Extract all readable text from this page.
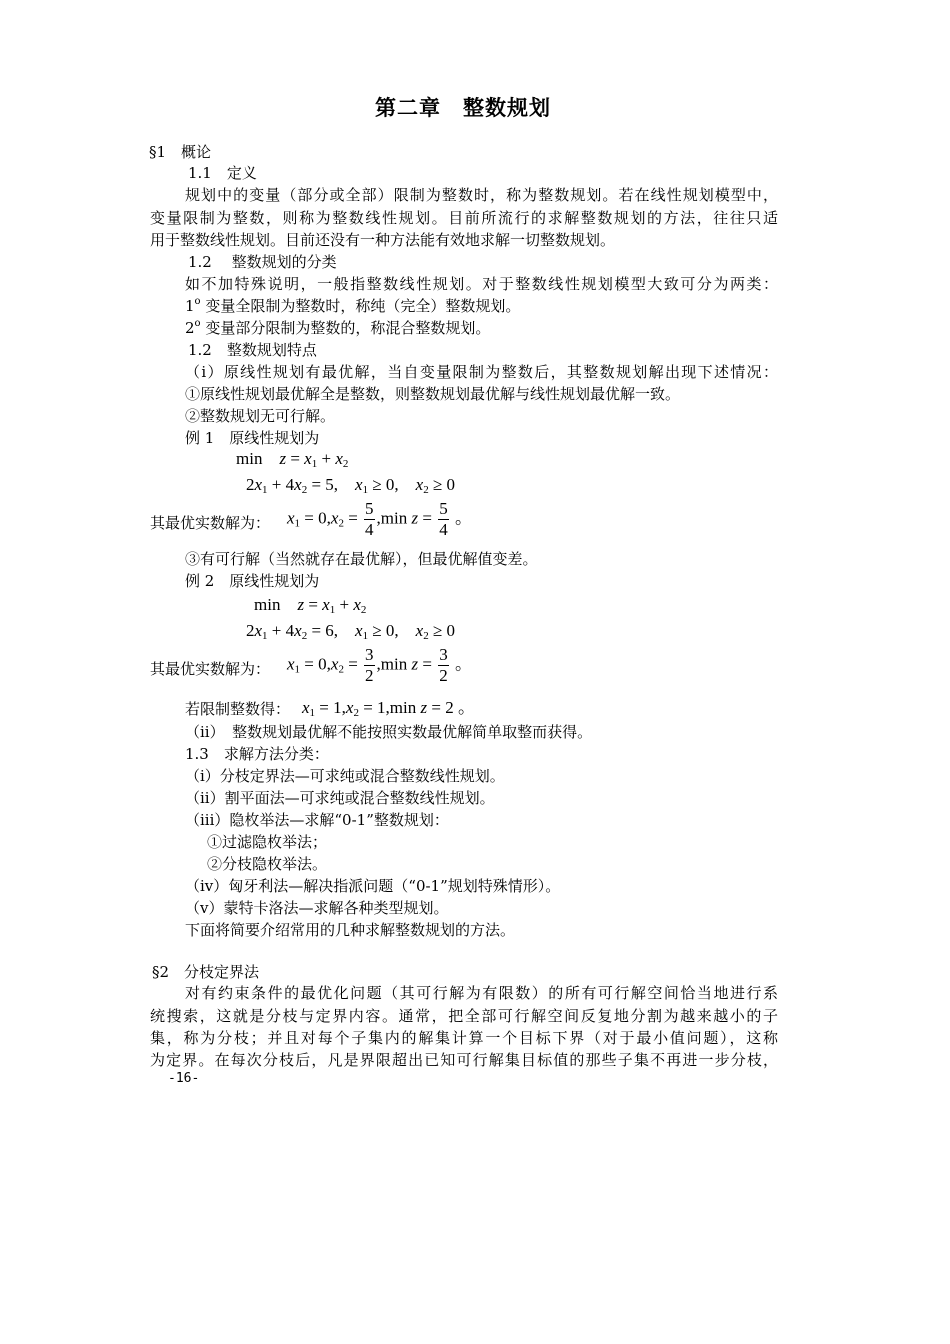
第二章　整数规划
§1　概论
1.1　定义
规划中的变量（部分或全部）限制为整数时，称为整数规划。若在线性规划模型中，
变量限制为整数，则称为整数线性规划。目前所流行的求解整数规划的方法，往往只适
用于整数线性规划。目前还没有一种方法能有效地求解一切整数规划。
1.2　 整数规划的分类
如不加特殊说明，一般指整数线性规划。对于整数线性规划模型大致可分为两类：
1$^o$ 变量全限制为整数时，称纯（完全）整数规划。
2$^o$ 变量部分限制为整数的，称混合整数规划。
1.2　整数规划特点
（i）原线性规划有最优解，当自变量限制为整数后，其整数规划解出现下述情况：
①原线性规划最优解全是整数，则整数规划最优解与线性规划最优解一致。
②整数规划无可行解。
例 1　原线性规划为
$\min z = x_1 + x_2$
$2x_1 + 4x_2 = 5$, $x_1 \ge 0$, $x_2 \ge 0$
其最优实数解为： $x_1 = 0,x_2 = \frac{5}{4} ,\min$ $z = \frac{5}{4}$ 。
③有可行解（当然就存在最优解），但最优解值变差。
例 2　原线性规划为
$\min z = x_1 + x_2$
$2x_1 + 4x_2 = 6$, $x_1 \ge 0$, $x_2 \ge 0$
其最优实数解为： $x_1 = 0,x_2 = \frac{3}{2} ,\min$ $z = \frac{3}{2}$ 。
若限制整数得： $x_1 = 1,x_2 = 1,\min$ z = 2 。
（ii）　整数规划最优解不能按照实数最优解简单取整而获得。
1.3　求解方法分类：
（i）分枝定界法—可求纯或混合整数线性规划。
（ii）割平面法—可求纯或混合整数线性规划。
（iii）隐枚举法—求解“0-1”整数规划：
①过滤隐枚举法；
②分枝隐枚举法。
（iv）匈牙利法—解决指派问题（“0-1”规划特殊情形）。
（v）蒙特卡洛法—求解各种类型规划。
下面将简要介绍常用的几种求解整数规划的方法。
§2　分枝定界法
对有约束条件的最优化问题（其可行解为有限数）的所有可行解空间恰当地进行系
统搜索，这就是分枝与定界内容。通常，把全部可行解空间反复地分割为越来越小的子
集，称为分枝；并且对每个子集内的解集计算一个目标下界（对于最小值问题），这称
为定界。在每次分枝后，凡是界限超出已知可行解集目标值的那些子集不再进一步分枝，
-16-
